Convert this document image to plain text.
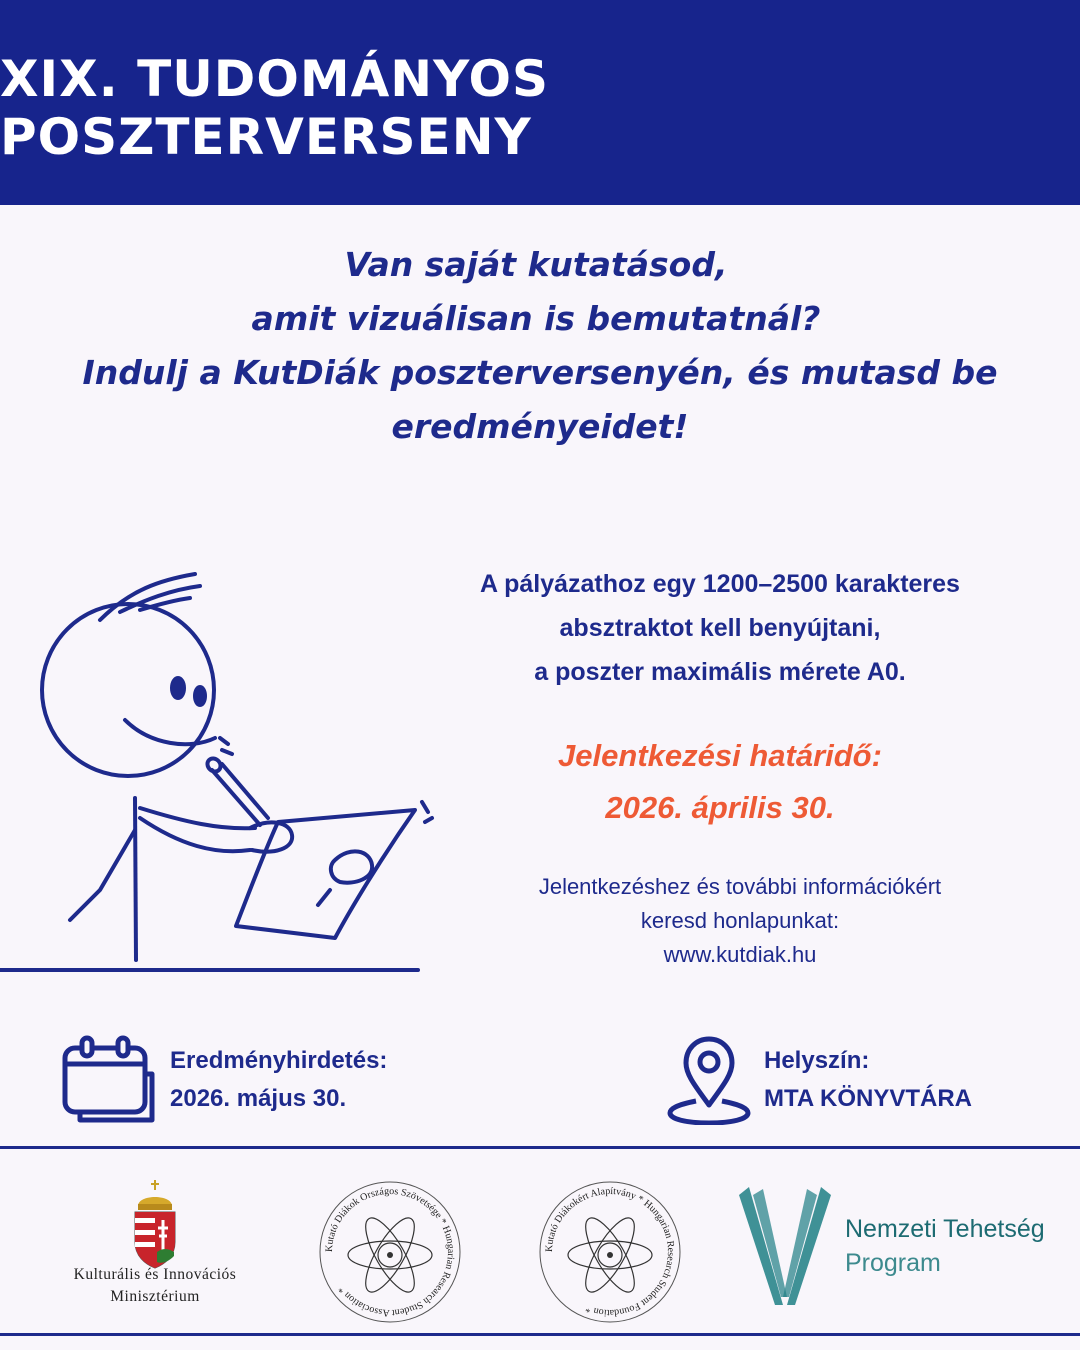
XIX. TUDOMÁNYOS POSZTERVERSENY
Van saját kutatásod,
amit vizuálisan is bemutatnál?
Indulj a KutDiák poszterversenyén, és mutasd be
eredményeidet!
A pályázathoz egy 1200–2500 karakteres
absztraktot kell benyújtani,
a poszter maximális mérete A0.
Jelentkezési határidő:
2026. április 30.
Jelentkezéshez és további információkért
keresd honlapunkat:
www.kutdiak.hu
Eredményhirdetés:
2026. május 30.
Helyszín:
MTA KÖNYVTÁRA
Kulturális és Innovációs
Minisztérium
Kutató Diákok Országos Szövetsége * Hungarian Research Student Association *
Kutató Diákokért Alapítvány * Hungarian Research Student Foundation *
Nemzeti Tehetség
Program
